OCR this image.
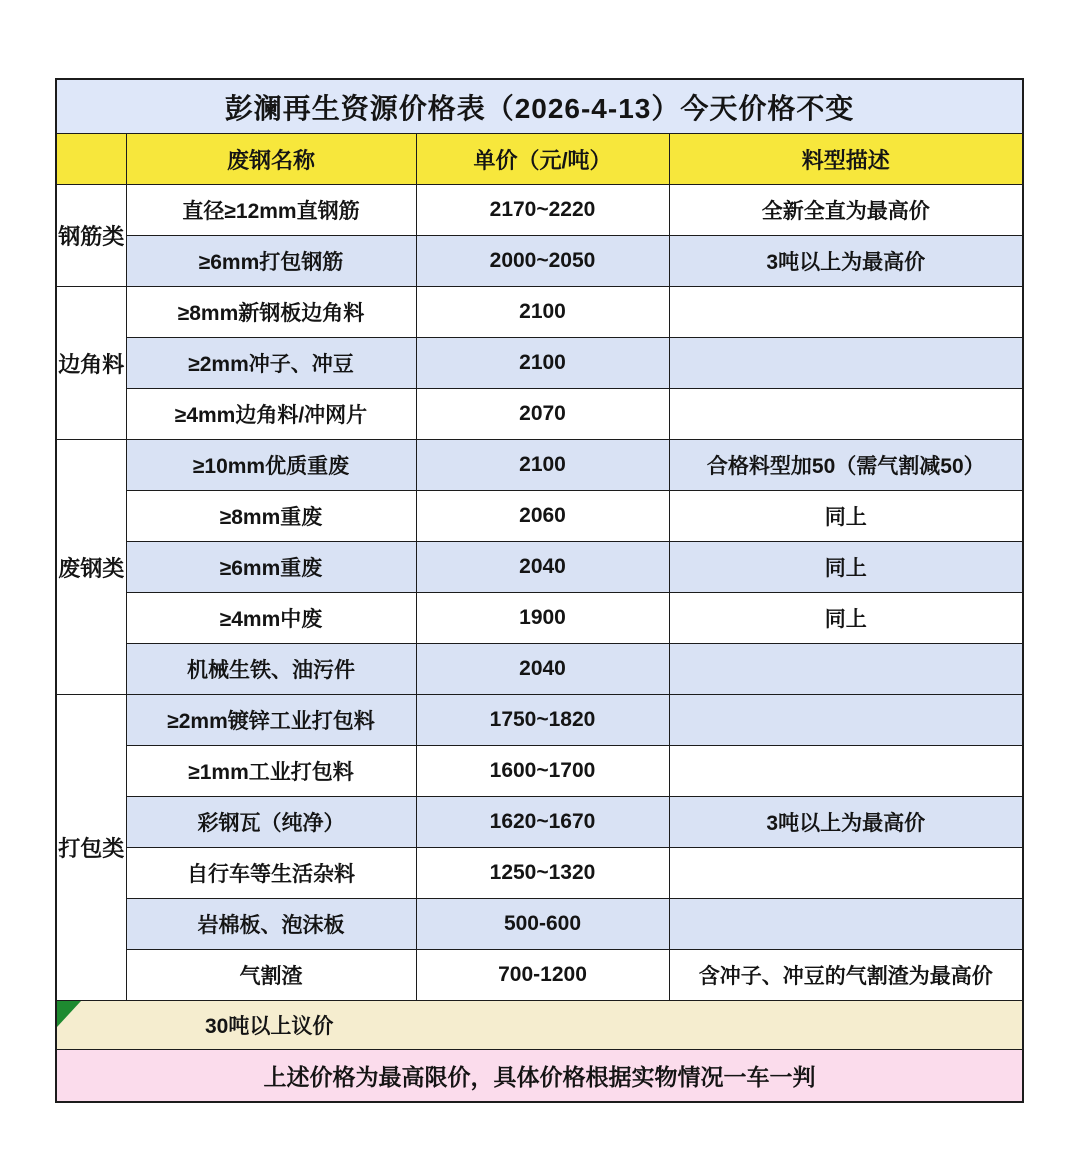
彭澜再生资源价格表（2026-4-13）今天价格不变			
	废钢名称	单价（元/吨）	料型描述
钢筋类	直径≥12mm直钢筋	2170~2220	全新全直为最高价
	≥6mm打包钢筋	2000~2050	3吨以上为最高价
边角料	≥8mm新钢板边角料	2100	
	≥2mm冲子、冲豆	2100	
	≥4mm边角料/冲网片	2070	
废钢类	≥10mm优质重废	2100	合格料型加50（需气割减50）
	≥8mm重废	2060	同上
	≥6mm重废	2040	同上
	≥4mm中废	1900	同上
	机械生铁、油污件	2040	
打包类	≥2mm镀锌工业打包料	1750~1820	
	≥1mm工业打包料	1600~1700	
	彩钢瓦（纯净）	1620~1670	3吨以上为最高价
	自行车等生活杂料	1250~1320	
	岩棉板、泡沫板	500-600	
	气割渣	700-1200	含冲子、冲豆的气割渣为最高价

30吨以上议价			
上述价格为最高限价，具体价格根据实物情况一车一判			
